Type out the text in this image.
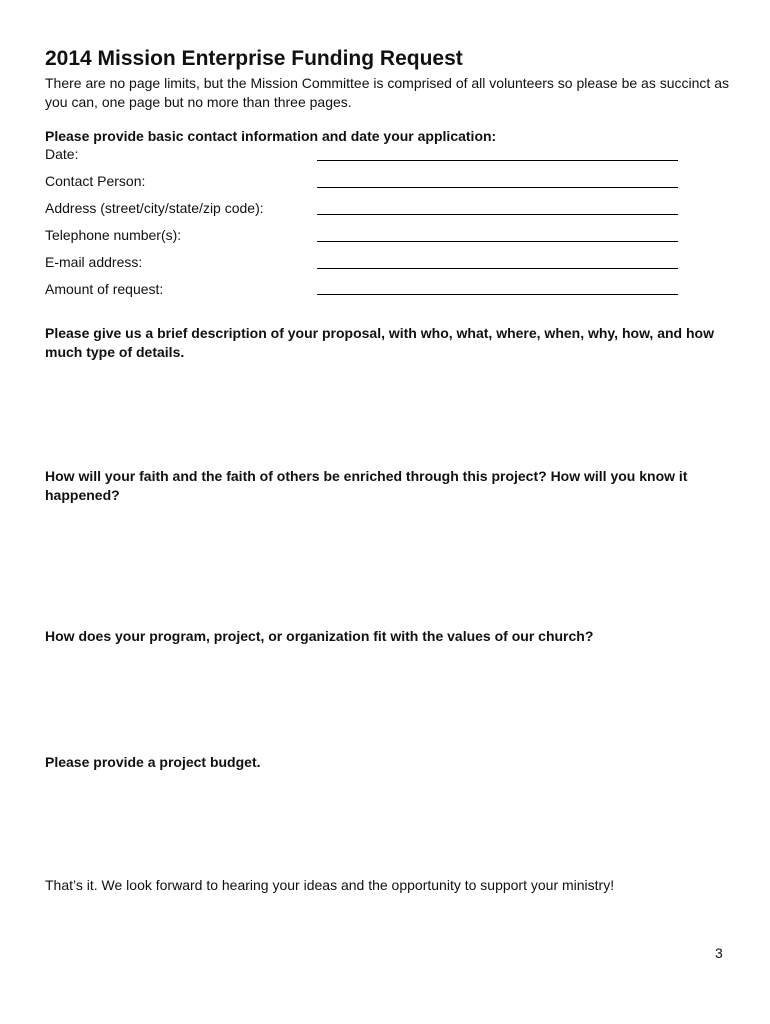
2014 Mission Enterprise Funding Request
There are no page limits, but the Mission Committee is comprised of all volunteers so please be as succinct as you can, one page but no more than three pages.
Please provide basic contact information and date your application:
Date:
Contact Person:
Address (street/city/state/zip code):
Telephone number(s):
E-mail address:
Amount of request:
Please give us a brief description of your proposal, with who, what, where, when, why, how, and how much type of details.
How will your faith and the faith of others be enriched through this project? How will you know it happened?
How does your program, project, or organization fit with the values of our church?
Please provide a project budget.
That’s it. We look forward to hearing your ideas and the opportunity to support your ministry!
3
